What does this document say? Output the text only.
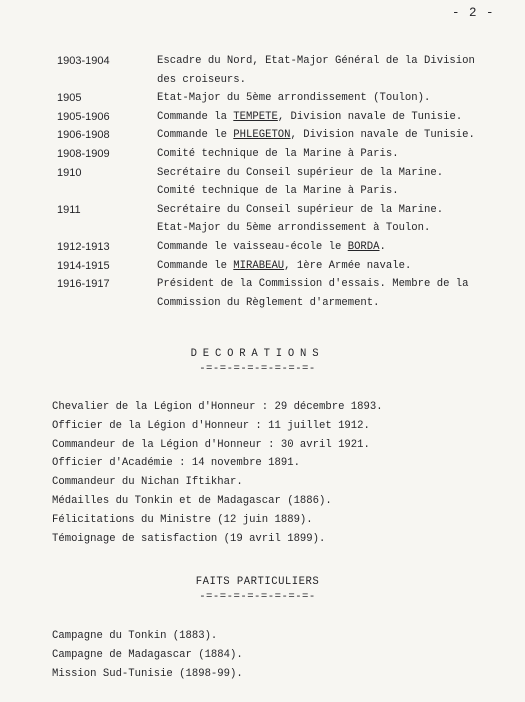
- 2 -
1903-1904	Escadre du Nord, Etat-Major Général de la Division
des croiseurs.
1905	Etat-Major du 5ème arrondissement (Toulon).
1905-1906	Commande la TEMPETE, Division navale de Tunisie.
1906-1908	Commande le PHLEGETON, Division navale de Tunisie.
1908-1909	Comité technique de la Marine à Paris.
1910	Secrétaire du Conseil supérieur de la Marine.
Comité technique de la Marine à Paris.
1911	Secrétaire du Conseil supérieur de la Marine.
Etat-Major du 5ème arrondissement à Toulon.
1912-1913	Commande le vaisseau-école le BORDA.
1914-1915	Commande le MIRABEAU, 1ère Armée navale.
1916-1917	Président de la Commission d'essais. Membre de la
Commission du Règlement d'armement.
DECORATIONS
-=-=-=-=-=-=-=-=-
Chevalier de la Légion d'Honneur : 29 décembre 1893.
Officier de la Légion d'Honneur : 11 juillet 1912.
Commandeur de la Légion d'Honneur : 30 avril 1921.
Officier d'Académie : 14 novembre 1891.
Commandeur du Nichan Iftikhar.
Médailles du Tonkin et de Madagascar (1886).
Félicitations du Ministre (12 juin 1889).
Témoignage de satisfaction (19 avril 1899).
FAITS PARTICULIERS
-=-=-=-=-=-=-=-=-
Campagne du Tonkin (1883).
Campagne de Madagascar (1884).
Mission Sud-Tunisie (1898-99).
